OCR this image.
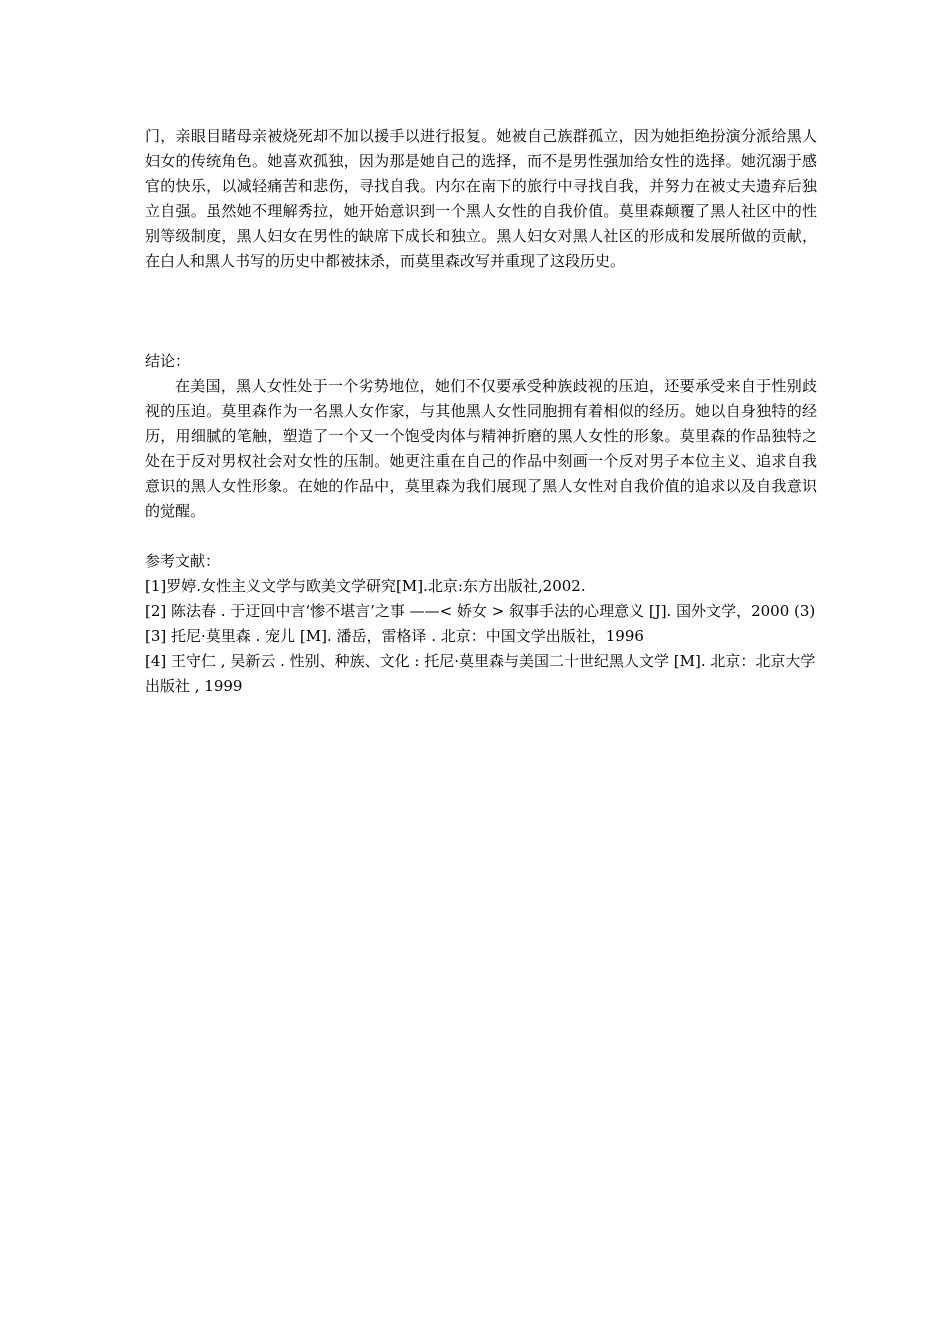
门，亲眼目睹母亲被烧死却不加以援手以进行报复。她被自己族群孤立，因为她拒绝扮演分派给黑人妇女的传统角色。她喜欢孤独，因为那是她自己的选择，而不是男性强加给女性的选择。她沉溺于感官的快乐，以减轻痛苦和悲伤，寻找自我。内尔在南下的旅行中寻找自我，并努力在被丈夫遗弃后独立自强。虽然她不理解秀拉，她开始意识到一个黑人女性的自我价值。莫里森颠覆了黑人社区中的性别等级制度，黑人妇女在男性的缺席下成长和独立。黑人妇女对黑人社区的形成和发展所做的贡献，在白人和黑人书写的历史中都被抹杀，而莫里森改写并重现了这段历史。

结论：

在美国，黑人女性处于一个劣势地位，她们不仅要承受种族歧视的压迫，还要承受来自于性别歧视的压迫。莫里森作为一名黑人女作家，与其他黑人女性同胞拥有着相似的经历。她以自身独特的经历，用细腻的笔触，塑造了一个又一个饱受肉体与精神折磨的黑人女性的形象。莫里森的作品独特之处在于反对男权社会对女性的压制。她更注重在自己的作品中刻画一个反对男子本位主义、追求自我意识的黑人女性形象。在她的作品中，莫里森为我们展现了黑人女性对自我价值的追求以及自我意识的觉醒。

参考文献：

[1]罗婷.女性主义文学与欧美文学研究[M].北京:东方出版社,2002.

[2] 陈法春 . 于迂回中言‘惨不堪言’之事 ——< 娇女 > 叙事手法的心理意义 [J]. 国外文学，2000 (3)

[3] 托尼·莫里森 . 宠儿 [M]. 潘岳，雷格译 . 北京：中国文学出版社，1996

[4] 王守仁 , 吴新云 . 性别、种族、文化 : 托尼·莫里森与美国二十世纪黑人文学 [M]. 北京：北京大学出版社 , 1999
